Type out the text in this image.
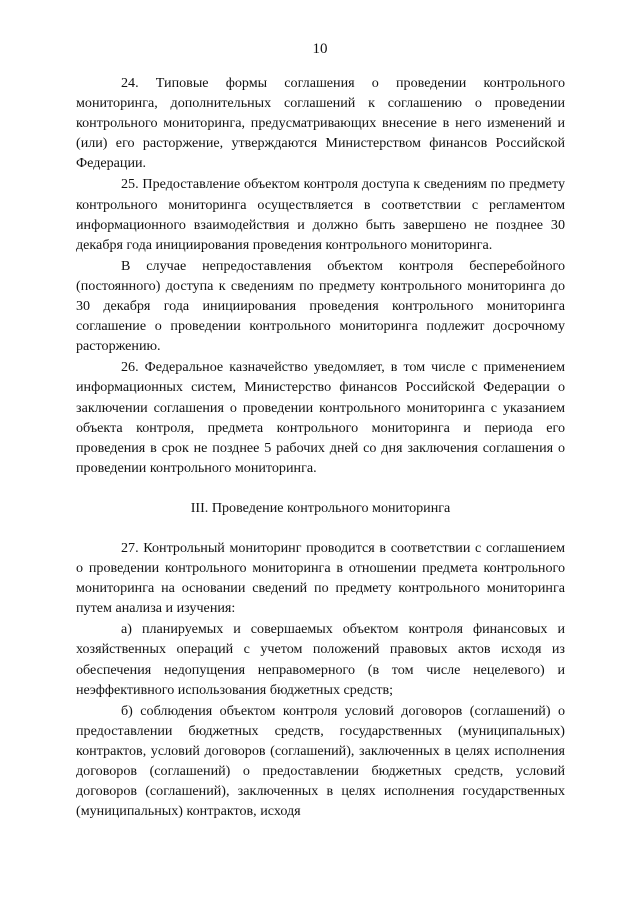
10

24. Типовые формы соглашения о проведении контрольного мониторинга, дополнительных соглашений к соглашению о проведении контрольного мониторинга, предусматривающих внесение в него изменений и (или) его расторжение, утверждаются Министерством финансов Российской Федерации.

25. Предоставление объектом контроля доступа к сведениям по предмету контрольного мониторинга осуществляется в соответствии с регламентом информационного взаимодействия и должно быть завершено не позднее 30 декабря года инициирования проведения контрольного мониторинга.

В случае непредоставления объектом контроля бесперебойного (постоянного) доступа к сведениям по предмету контрольного мониторинга до 30 декабря года инициирования проведения контрольного мониторинга соглашение о проведении контрольного мониторинга подлежит досрочному расторжению.

26. Федеральное казначейство уведомляет, в том числе с применением информационных систем, Министерство финансов Российской Федерации о заключении соглашения о проведении контрольного мониторинга с указанием объекта контроля, предмета контрольного мониторинга и периода его проведения в срок не позднее 5 рабочих дней со дня заключения соглашения о проведении контрольного мониторинга.

III. Проведение контрольного мониторинга

27. Контрольный мониторинг проводится в соответствии с соглашением о проведении контрольного мониторинга в отношении предмета контрольного мониторинга на основании сведений по предмету контрольного мониторинга путем анализа и изучения:

а) планируемых и совершаемых объектом контроля финансовых и хозяйственных операций с учетом положений правовых актов исходя из обеспечения недопущения неправомерного (в том числе нецелевого) и неэффективного использования бюджетных средств;

б) соблюдения объектом контроля условий договоров (соглашений) о предоставлении бюджетных средств, государственных (муниципальных) контрактов, условий договоров (соглашений), заключенных в целях исполнения договоров (соглашений) о предоставлении бюджетных средств, условий договоров (соглашений), заключенных в целях исполнения государственных (муниципальных) контрактов, исходя
